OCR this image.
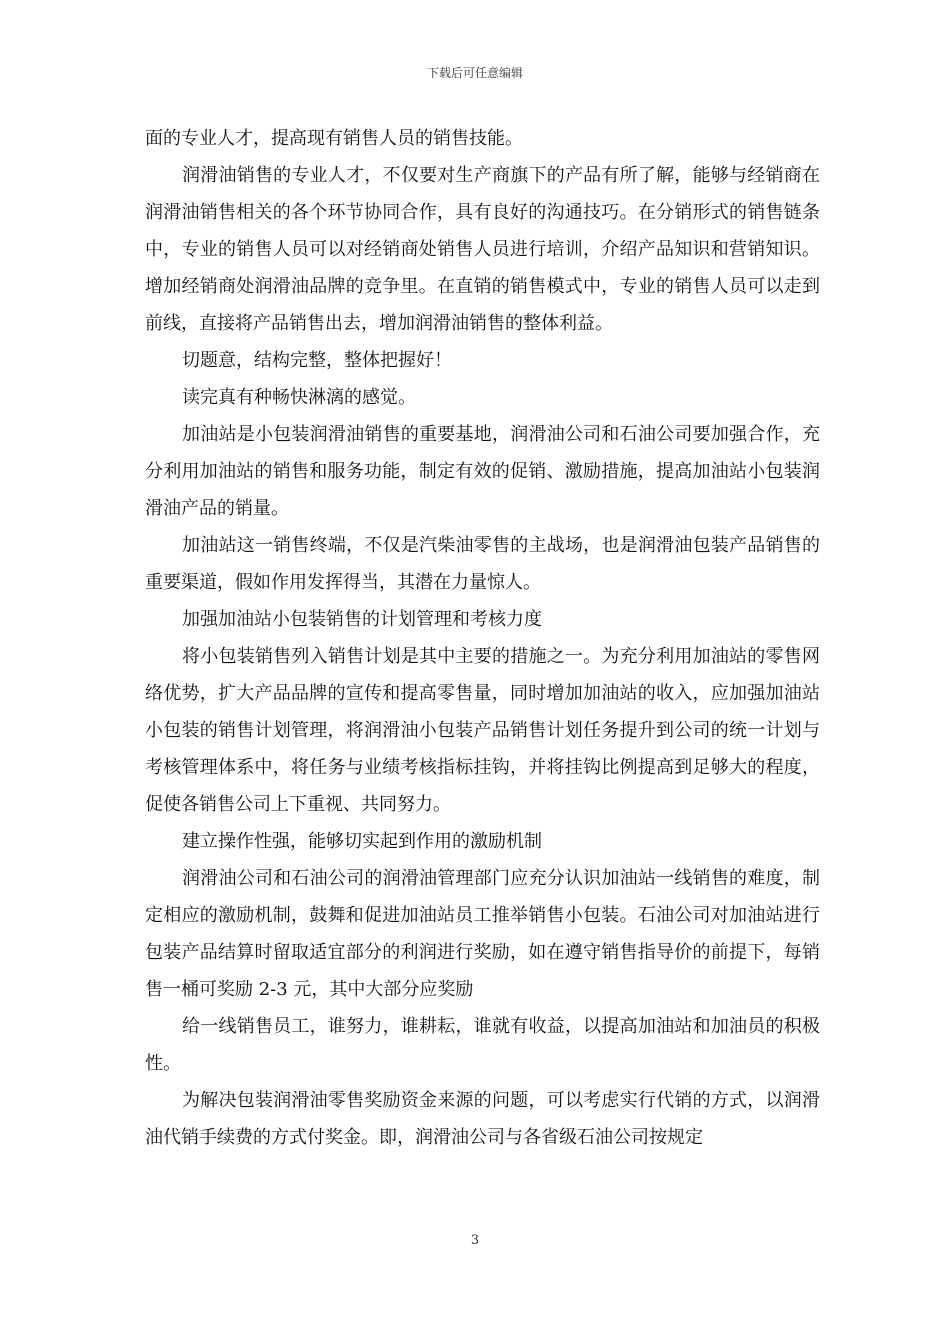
下载后可任意编辑

面的专业人才，提高现有销售人员的销售技能。

润滑油销售的专业人才，不仅要对生产商旗下的产品有所了解，能够与经销商在润滑油销售相关的各个环节协同合作，具有良好的沟通技巧。在分销形式的销售链条中，专业的销售人员可以对经销商处销售人员进行培训，介绍产品知识和营销知识。增加经销商处润滑油品牌的竞争里。在直销的销售模式中，专业的销售人员可以走到前线，直接将产品销售出去，增加润滑油销售的整体利益。

切题意，结构完整，整体把握好！

读完真有种畅快淋漓的感觉。

加油站是小包装润滑油销售的重要基地，润滑油公司和石油公司要加强合作，充分利用加油站的销售和服务功能，制定有效的促销、激励措施，提高加油站小包装润滑油产品的销量。

加油站这一销售终端，不仅是汽柴油零售的主战场，也是润滑油包装产品销售的重要渠道，假如作用发挥得当，其潜在力量惊人。

加强加油站小包装销售的计划管理和考核力度

将小包装销售列入销售计划是其中主要的措施之一。为充分利用加油站的零售网络优势，扩大产品品牌的宣传和提高零售量，同时增加加油站的收入，应加强加油站小包装的销售计划管理，将润滑油小包装产品销售计划任务提升到公司的统一计划与考核管理体系中，将任务与业绩考核指标挂钩，并将挂钩比例提高到足够大的程度，促使各销售公司上下重视、共同努力。

建立操作性强，能够切实起到作用的激励机制

润滑油公司和石油公司的润滑油管理部门应充分认识加油站一线销售的难度，制定相应的激励机制，鼓舞和促进加油站员工推举销售小包装。石油公司对加油站进行包装产品结算时留取适宜部分的利润进行奖励，如在遵守销售指导价的前提下，每销售一桶可奖励 2-3 元，其中大部分应奖励

给一线销售员工，谁努力，谁耕耘，谁就有收益，以提高加油站和加油员的积极性。

为解决包装润滑油零售奖励资金来源的问题，可以考虑实行代销的方式，以润滑油代销手续费的方式付奖金。即，润滑油公司与各省级石油公司按规定

3
